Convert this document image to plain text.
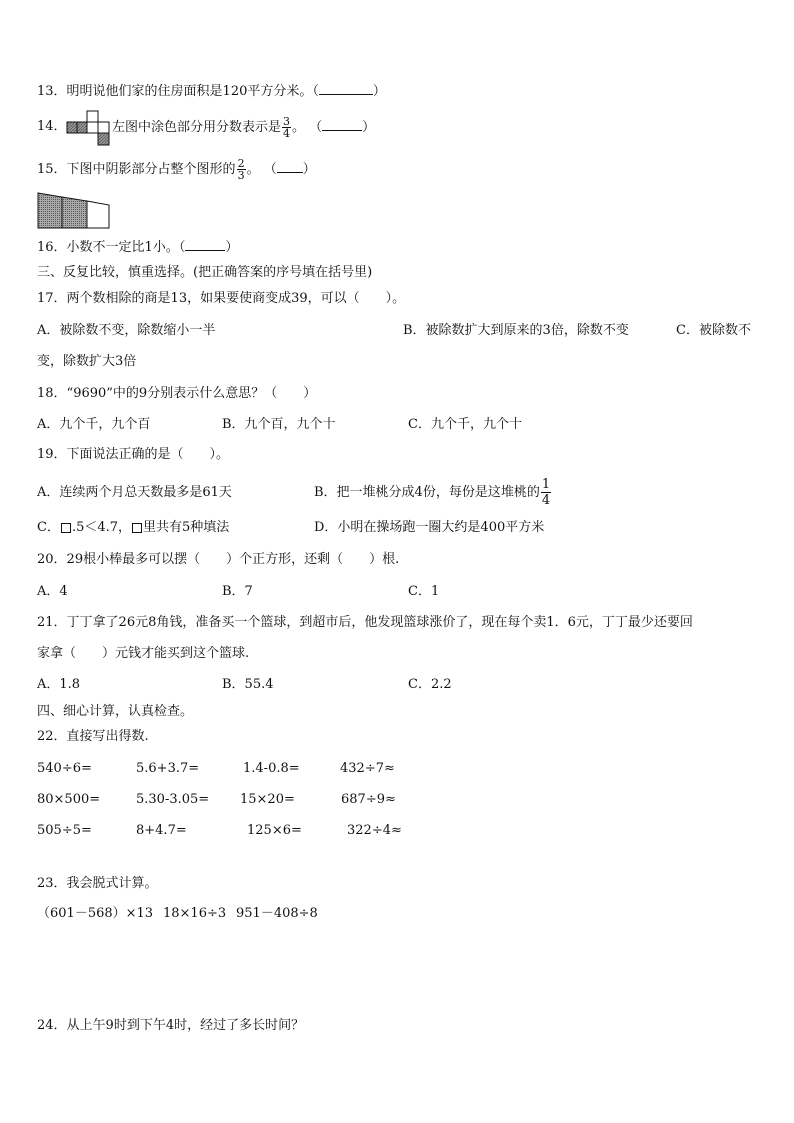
13．明明说他们家的住房面积是120平方分米。（	）
14．	左图中涂色部分用分数表示是 $\frac{3}{4}$ 。 （	）
15．下图中阴影部分占整个图形的 $\frac{2}{3}$ 。 （ ）
16．小数不一定比1小。（	）
三、反复比较，慎重选择。(把正确答案的序号填在括号里)
17．两个数相除的商是13，如果要使商变成39，可以（　　）。
A．被除数不变，除数缩小一半	B．被除数扩大到原来的3倍，除数不变	C．被除数不
变，除数扩大3倍
18．“9690”中的9分别表示什么意思？（　　）
A．九个千，九个百	B．九个百，九个十	C．九个千，九个十
19．下面说法正确的是（　　）。
A．连续两个月总天数最多是61天	B．把一堆桃分成4份，每份是这堆桃的 $\frac{1}{4}$
C． .5＜4.7， 里共有5种填法	D．小明在操场跑一圈大约是400平方米
20．29根小棒最多可以摆（　　）个正方形，还剩（　　）根.
A．4	B．7	C．1
21．丁丁拿了26元8角钱，准备买一个篮球，到超市后，他发现篮球涨价了，现在每个卖1．6元，丁丁最少还要回
家拿（　　）元钱才能买到这个篮球.
A．1.8	B．55.4	C．2.2
四、细心计算，认真检查。
22．直接写出得数.
540÷6=	5.6+3.7=	1.4-0.8=	432÷7≈
80×500=	5.30-3.05= 15×20=	687÷9≈
505÷5=	8+4.7=	125×6=	322÷4≈
23．我会脱式计算。
（601－568）×13 18×16÷3 951－408÷8
24．从上午9时到下午4时，经过了多长时间？
